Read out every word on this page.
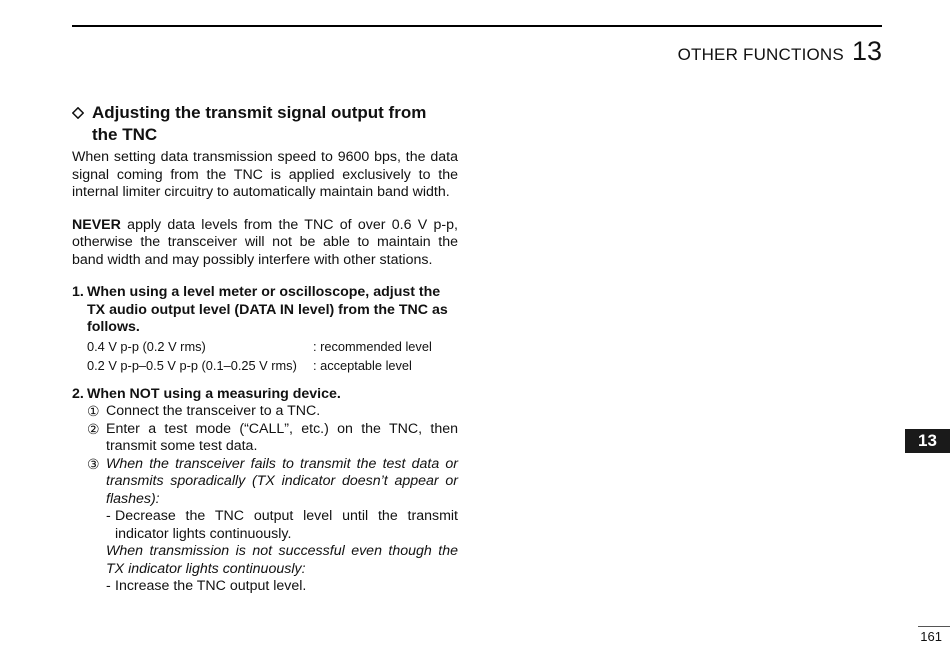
OTHER FUNCTIONS 13
Adjusting the transmit signal output from
the TNC

When setting data transmission speed to 9600 bps, the data signal coming from the TNC is applied exclusively to the internal limiter circuitry to automatically maintain band width.

NEVER apply data levels from the TNC of over 0.6 V p-p, otherwise the transceiver will not be able to maintain the band width and may possibly interfere with other stations.

1. When using a level meter or oscilloscope, adjust the TX audio output level (DATA IN level) from the TNC as follows.
0.4 V p-p (0.2 V rms)	: recommended level
0.2 V p-p–0.5 V p-p (0.1–0.25 V rms) : acceptable level
2. When NOT using a measuring device.
① Connect the transceiver to a TNC.
② Enter a test mode (“CALL”, etc.) on the TNC, then transmit some test data.
③ When the transceiver fails to transmit the test data or transmits sporadically (TX indicator doesn’t appear or flashes):
- Decrease the TNC output level until the transmit indicator lights continuously.
When transmission is not successful even though the TX indicator lights continuously:
- Increase the TNC output level.
13
161
